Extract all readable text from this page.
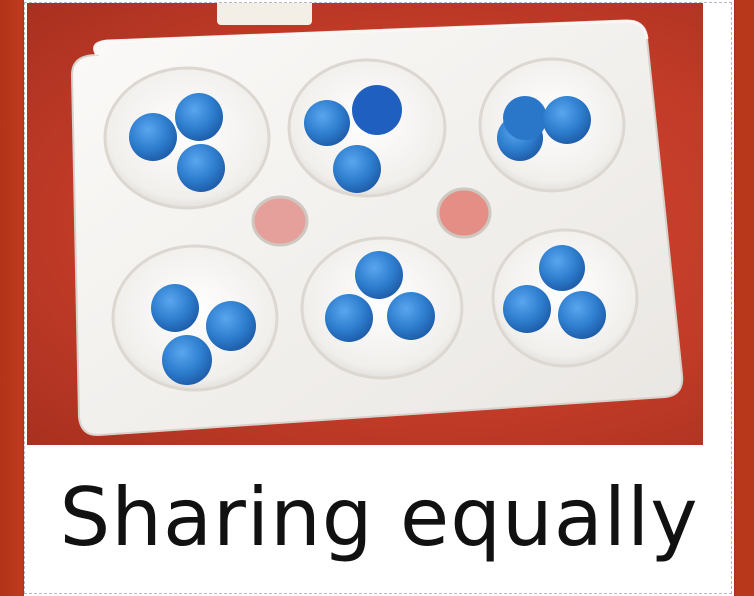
Sharing equally
